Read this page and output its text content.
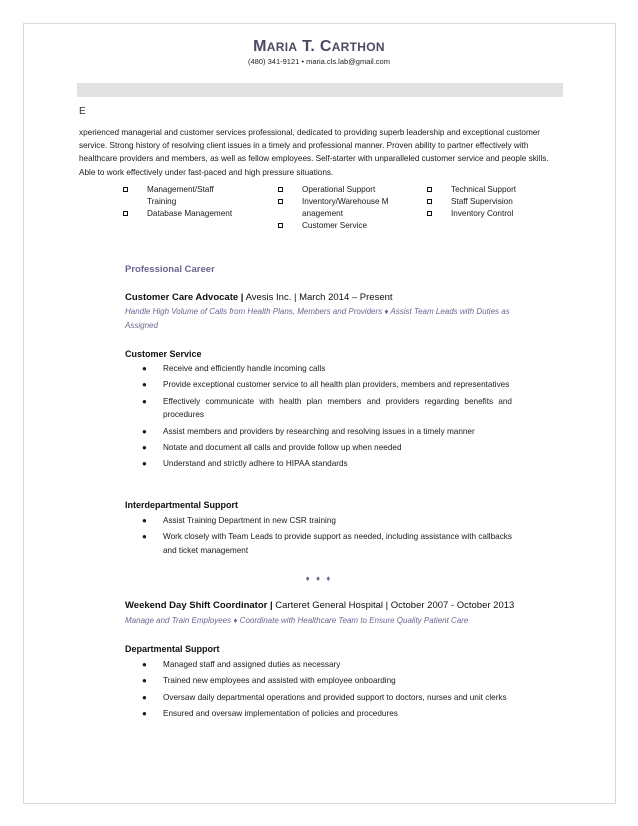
MARIA T. CARTHON
(480) 341-9121 • maria.cls.lab@gmail.com
E
xperienced managerial and customer services professional, dedicated to providing superb leadership and exceptional customer service. Strong history of resolving client issues in a timely and professional manner. Proven ability to partner effectively with healthcare providers and members, as well as fellow employees. Self-starter with unparalleled customer service and people skills. Able to work effectively under fast-paced and high pressure situations.
Management/Staff Training
Database Management
Operational Support
Inventory/Warehouse Management
Customer Service
Technical Support
Staff Supervision
Inventory Control
Professional Career
Customer Care Advocate | Avesis Inc. | March 2014 – Present
Handle High Volume of Calls from Health Plans, Members and Providers ♦ Assist Team Leads with Duties as Assigned
Customer Service
● Receive and efficiently handle incoming calls
● Provide exceptional customer service to all health plan providers, members and representatives
● Effectively communicate with health plan members and providers regarding benefits and procedures
● Assist members and providers by researching and resolving issues in a timely manner
● Notate and document all calls and provide follow up when needed
● Understand and strictly adhere to HIPAA standards
Interdepartmental Support
● Assist Training Department in new CSR training
● Work closely with Team Leads to provide support as needed, including assistance with callbacks and ticket management
♦ ♦ ♦
Weekend Day Shift Coordinator | Carteret General Hospital | October 2007 - October 2013
Manage and Train Employees ♦ Coordinate with Healthcare Team to Ensure Quality Patient Care
Departmental Support
● Managed staff and assigned duties as necessary
● Trained new employees and assisted with employee onboarding
● Oversaw daily departmental operations and provided support to doctors, nurses and unit clerks
● Ensured and oversaw implementation of policies and procedures
